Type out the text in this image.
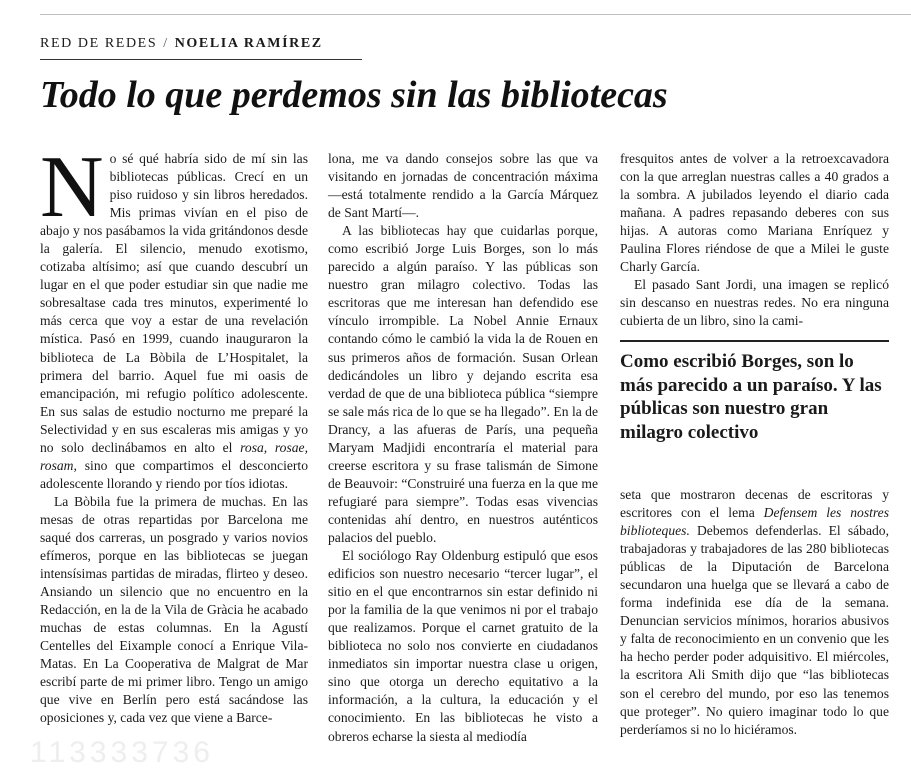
RED DE REDES / NOELIA RAMÍREZ
Todo lo que perdemos sin las bibliotecas

No sé qué habría sido de mí sin las bibliotecas públicas. Crecí en un piso ruidoso y sin libros heredados. Mis primas vivían en el piso de abajo y nos pasábamos la vida gritándonos desde la galería. El silencio, menudo exotismo, cotizaba altísimo; así que cuando descubrí un lugar en el que poder estudiar sin que nadie me sobresaltase cada tres minutos, experimenté lo más cerca que voy a estar de una revelación mística. Pasó en 1999, cuando inauguraron la biblioteca de La Bòbila de L’Hospitalet, la primera del barrio. Aquel fue mi oasis de emancipación, mi refugio político adolescente. En sus salas de estudio nocturno me preparé la Selectividad y en sus escaleras mis amigas y yo no solo declinábamos en alto el rosa, rosae, rosam, sino que compartimos el desconcierto adolescente llorando y riendo por tíos idiotas.

La Bòbila fue la primera de muchas. En las mesas de otras repartidas por Barcelona me saqué dos carreras, un posgrado y varios novios efímeros, porque en las bibliotecas se juegan intensísimas partidas de miradas, flirteo y deseo. Ansiando un silencio que no encuentro en la Redacción, en la de la Vila de Gràcia he acabado muchas de estas columnas. En la Agustí Centelles del Eixample conocí a Enrique Vila-Matas. En La Cooperativa de Malgrat de Mar escribí parte de mi primer libro. Tengo un amigo que vive en Berlín pero está sacándose las oposiciones y, cada vez que viene a Barce-

lona, me va dando consejos sobre las que va visitando en jornadas de concentración máxima —está totalmente rendido a la García Márquez de Sant Martí—.

A las bibliotecas hay que cuidarlas porque, como escribió Jorge Luis Borges, son lo más parecido a algún paraíso. Y las públicas son nuestro gran milagro colectivo. Todas las escritoras que me interesan han defendido ese vínculo irrompible. La Nobel Annie Ernaux contando cómo le cambió la vida la de Rouen en sus primeros años de formación. Susan Orlean dedicándoles un libro y dejando escrita esa verdad de que de una biblioteca pública “siempre se sale más rica de lo que se ha llegado”. En la de Drancy, a las afueras de París, una pequeña Maryam Madjidi encontraría el material para creerse escritora y su frase talismán de Simone de Beauvoir: “Construiré una fuerza en la que me refugiaré para siempre”. Todas esas vivencias contenidas ahí dentro, en nuestros auténticos palacios del pueblo.

El sociólogo Ray Oldenburg estipuló que esos edificios son nuestro necesario “tercer lugar”, el sitio en el que encontrarnos sin estar definido ni por la familia de la que venimos ni por el trabajo que realizamos. Porque el carnet gratuito de la biblioteca no solo nos convierte en ciudadanos inmediatos sin importar nuestra clase u origen, sino que otorga un derecho equitativo a la información, a la cultura, la educación y el conocimiento. En las bibliotecas he visto a obreros echarse la siesta al mediodía

fresquitos antes de volver a la retroexcavadora con la que arreglan nuestras calles a 40 grados a la sombra. A jubilados leyendo el diario cada mañana. A padres repasando deberes con sus hijas. A autoras como Mariana Enríquez y Paulina Flores riéndose de que a Milei le guste Charly García.

El pasado Sant Jordi, una imagen se replicó sin descanso en nuestras redes. No era ninguna cubierta de un libro, sino la cami-

Como escribió Borges, son lo más parecido a un paraíso. Y las públicas son nuestro gran milagro colectivo

seta que mostraron decenas de escritoras y escritores con el lema Defensem les nostres biblioteques. Debemos defenderlas. El sábado, trabajadoras y trabajadores de las 280 bibliotecas públicas de la Diputación de Barcelona secundaron una huelga que se llevará a cabo de forma indefinida ese día de la semana. Denuncian servicios mínimos, horarios abusivos y falta de reconocimiento en un convenio que les ha hecho perder poder adquisitivo. El miércoles, la escritora Ali Smith dijo que “las bibliotecas son el cerebro del mundo, por eso las tenemos que proteger”. No quiero imaginar todo lo que perderíamos si no lo hiciéramos.

113333736
